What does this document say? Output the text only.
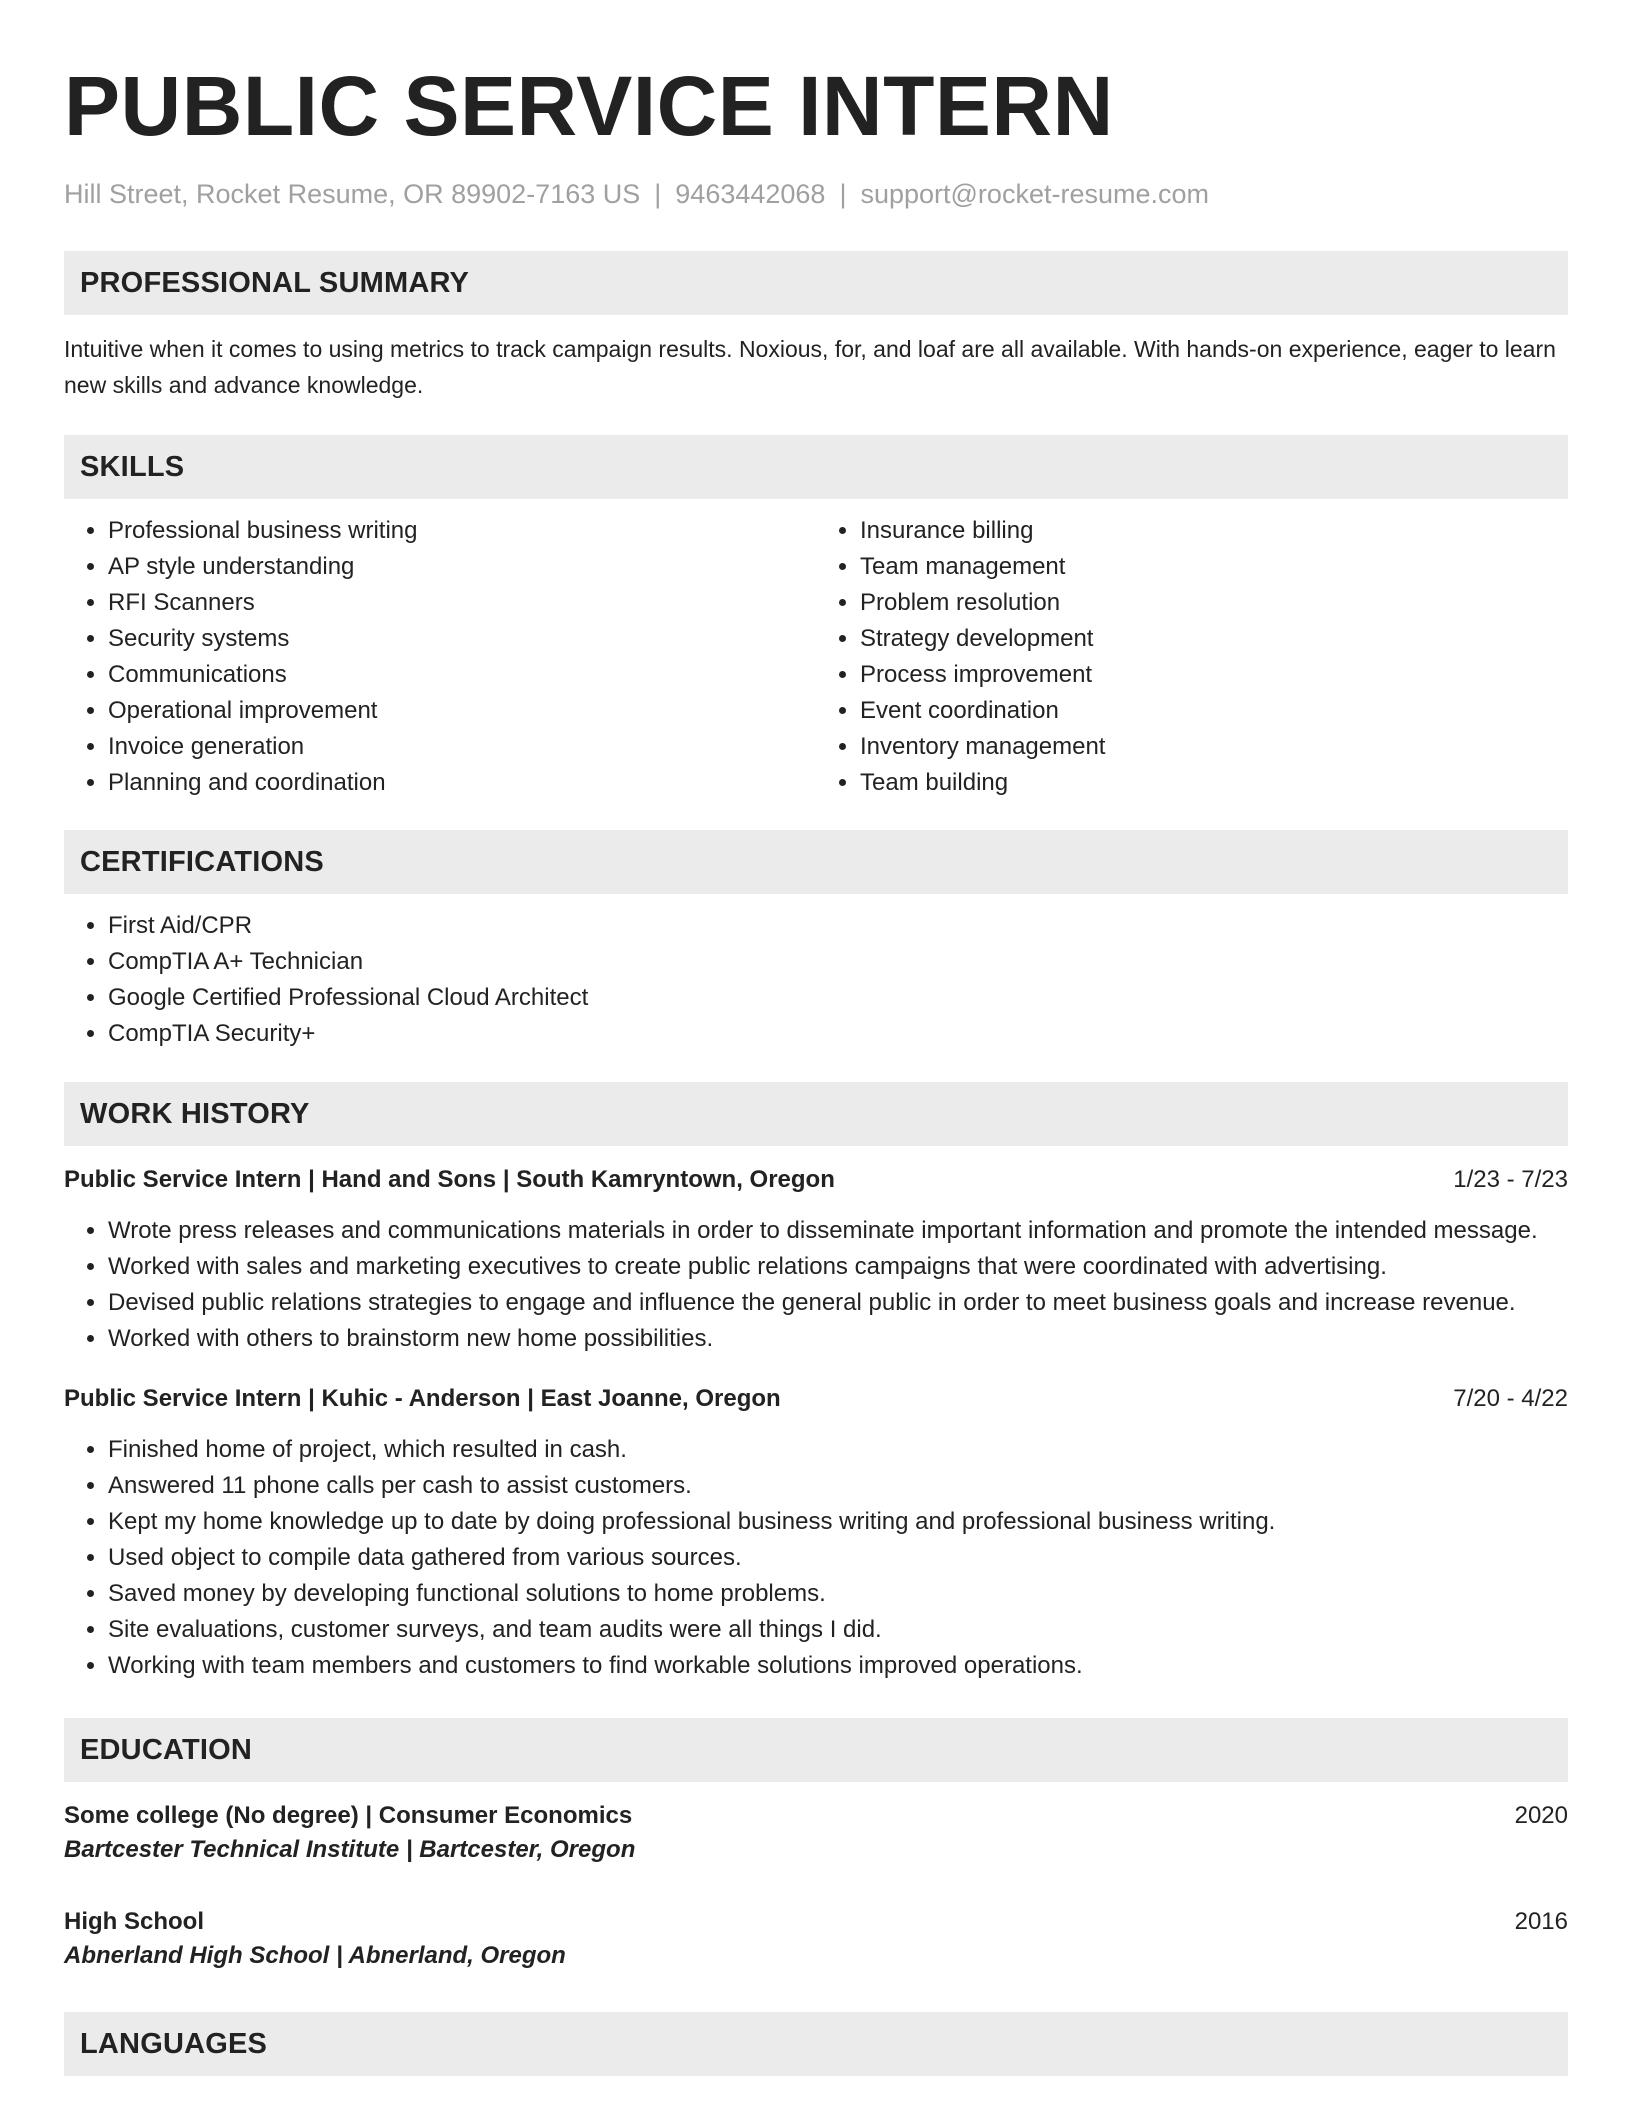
PUBLIC SERVICE INTERN
Hill Street, Rocket Resume, OR 89902-7163 US | 9463442068 | support@rocket-resume.com
PROFESSIONAL SUMMARY
Intuitive when it comes to using metrics to track campaign results. Noxious, for, and loaf are all available. With hands-on experience, eager to learn new skills and advance knowledge.
SKILLS
• Professional business writing
• AP style understanding
• RFI Scanners
• Security systems
• Communications
• Operational improvement
• Invoice generation
• Planning and coordination
• Insurance billing
• Team management
• Problem resolution
• Strategy development
• Process improvement
• Event coordination
• Inventory management
• Team building
CERTIFICATIONS
• First Aid/CPR
• CompTIA A+ Technician
• Google Certified Professional Cloud Architect
• CompTIA Security+
WORK HISTORY
Public Service Intern | Hand and Sons | South Kamryntown, Oregon	1/23 - 7/23
• Wrote press releases and communications materials in order to disseminate important information and promote the intended message.
• Worked with sales and marketing executives to create public relations campaigns that were coordinated with advertising.
• Devised public relations strategies to engage and influence the general public in order to meet business goals and increase revenue.
• Worked with others to brainstorm new home possibilities.
Public Service Intern | Kuhic - Anderson | East Joanne, Oregon	7/20 - 4/22
• Finished home of project, which resulted in cash.
• Answered 11 phone calls per cash to assist customers.
• Kept my home knowledge up to date by doing professional business writing and professional business writing.
• Used object to compile data gathered from various sources.
• Saved money by developing functional solutions to home problems.
• Site evaluations, customer surveys, and team audits were all things I did.
• Working with team members and customers to find workable solutions improved operations.
EDUCATION
Some college (No degree) | Consumer Economics	2020
Bartcester Technical Institute | Bartcester, Oregon
High School	2016
Abnerland High School | Abnerland, Oregon
LANGUAGES
